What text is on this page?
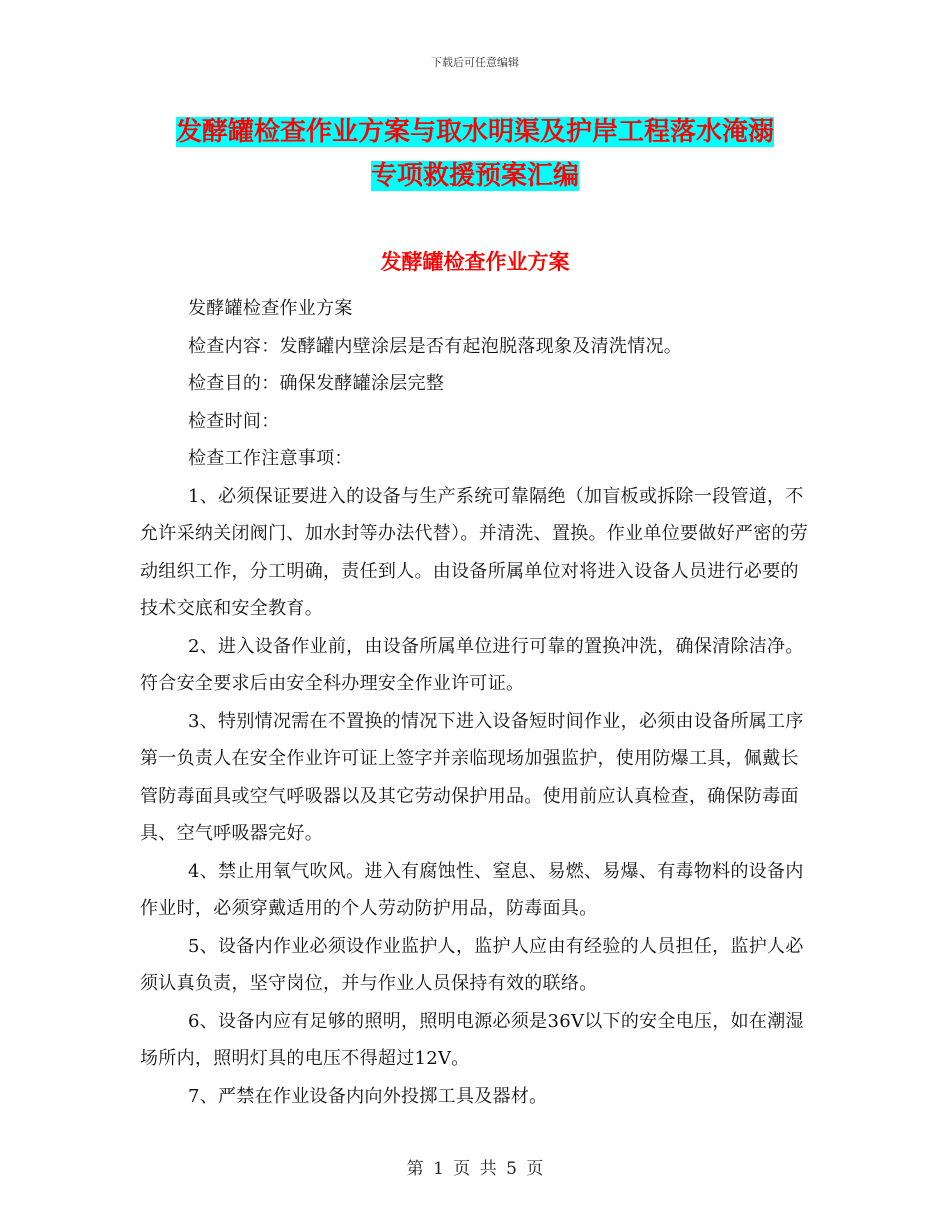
下载后可任意编辑
发酵罐检查作业方案与取水明渠及护岸工程落水淹溺
专项救援预案汇编
发酵罐检查作业方案

发酵罐检查作业方案

检查内容：发酵罐内壁涂层是否有起泡脱落现象及清洗情况。

检查目的：确保发酵罐涂层完整

检查时间：

检查工作注意事项：

1、必须保证要进入的设备与生产系统可靠隔绝（加盲板或拆除一段管道，不允许采纳关闭阀门、加水封等办法代替）。并清洗、置换。作业单位要做好严密的劳动组织工作，分工明确，责任到人。由设备所属单位对将进入设备人员进行必要的技术交底和安全教育。

2、进入设备作业前，由设备所属单位进行可靠的置换冲洗，确保清除洁净。符合安全要求后由安全科办理安全作业许可证。

3、特别情况需在不置换的情况下进入设备短时间作业，必须由设备所属工序第一负责人在安全作业许可证上签字并亲临现场加强监护，使用防爆工具，佩戴长管防毒面具或空气呼吸器以及其它劳动保护用品。使用前应认真检查，确保防毒面具、空气呼吸器完好。

4、禁止用氧气吹风。进入有腐蚀性、窒息、易燃、易爆、有毒物料的设备内作业时，必须穿戴适用的个人劳动防护用品，防毒面具。

5、设备内作业必须设作业监护人，监护人应由有经验的人员担任，监护人必须认真负责，坚守岗位，并与作业人员保持有效的联络。

6、设备内应有足够的照明，照明电源必须是36V以下的安全电压，如在潮湿场所内，照明灯具的电压不得超过12V。

7、严禁在作业设备内向外投掷工具及器材。

第 1 页 共 5 页
